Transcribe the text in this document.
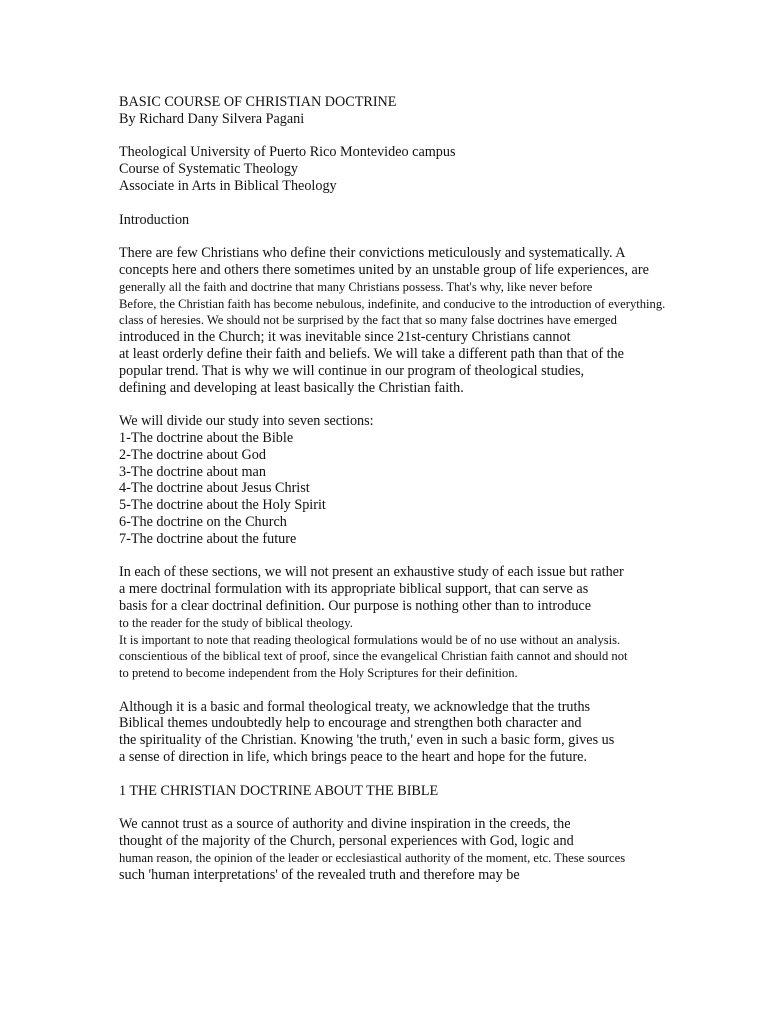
BASIC COURSE OF CHRISTIAN DOCTRINE
By Richard Dany Silvera Pagani
Theological University of Puerto Rico Montevideo campus
Course of Systematic Theology
Associate in Arts in Biblical Theology
Introduction
There are few Christians who define their convictions meticulously and systematically. A
concepts here and others there sometimes united by an unstable group of life experiences, are
generally all the faith and doctrine that many Christians possess. That's why, like never before
Before, the Christian faith has become nebulous, indefinite, and conducive to the introduction of everything.
class of heresies. We should not be surprised by the fact that so many false doctrines have emerged
introduced in the Church; it was inevitable since 21st-century Christians cannot
at least orderly define their faith and beliefs. We will take a different path than that of the
popular trend. That is why we will continue in our program of theological studies,
defining and developing at least basically the Christian faith.
We will divide our study into seven sections:
1-The doctrine about the Bible
2-The doctrine about God
3-The doctrine about man
4-The doctrine about Jesus Christ
5-The doctrine about the Holy Spirit
6-The doctrine on the Church
7-The doctrine about the future
In each of these sections, we will not present an exhaustive study of each issue but rather
a mere doctrinal formulation with its appropriate biblical support, that can serve as
basis for a clear doctrinal definition. Our purpose is nothing other than to introduce
to the reader for the study of biblical theology.
It is important to note that reading theological formulations would be of no use without an analysis.
conscientious of the biblical text of proof, since the evangelical Christian faith cannot and should not
to pretend to become independent from the Holy Scriptures for their definition.
Although it is a basic and formal theological treaty, we acknowledge that the truths
Biblical themes undoubtedly help to encourage and strengthen both character and
the spirituality of the Christian. Knowing 'the truth,' even in such a basic form, gives us
a sense of direction in life, which brings peace to the heart and hope for the future.
1 THE CHRISTIAN DOCTRINE ABOUT THE BIBLE
We cannot trust as a source of authority and divine inspiration in the creeds, the
thought of the majority of the Church, personal experiences with God, logic and
human reason, the opinion of the leader or ecclesiastical authority of the moment, etc. These sources
such 'human interpretations' of the revealed truth and therefore may be
